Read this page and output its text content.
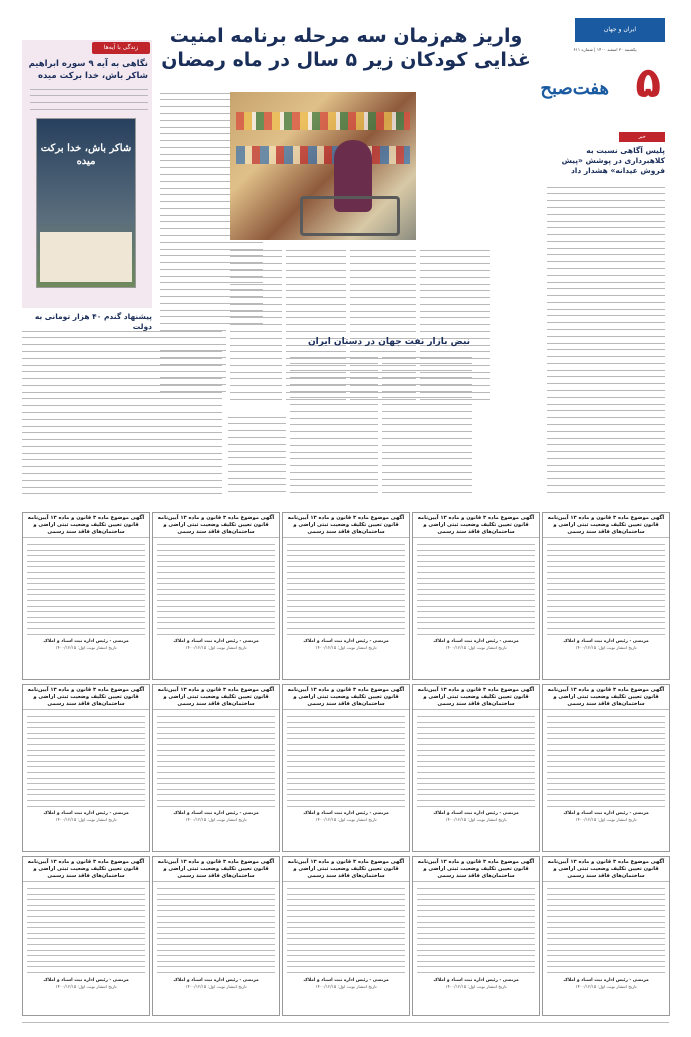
ایران و جهان
یکشنبه ۳۰ اسفند ۱۴۰۰ | شماره ۶۱۱
۵
هفت‌صبح
واریز هم‌زمان سه مرحله برنامه امنیت غذایی کودکان زیر ۵ سال در ماه رمضان
زندگی با آیه‌ها
نگاهی به آیه ۹ سوره ابراهیم شاکر باش، خدا برکت میده
شاکر باش، خدا برکت میده
پیشنهاد گندم ۴۰ هزار تومانی به دولت
نبض بازار نفت جهان در دستان ایران
خبر
پلیس آگاهی نسبت به کلاهبرداری در پوشش «پیش فروش عیدانه» هشدار داد
آگهی موضوع ماده ۳ قانون و ماده ۱۳ آیین‌نامه قانون تعیین تکلیف وضعیت ثبتی اراضی و ساختمان‌های فاقد سند رسمی
مرتضی - رئیس اداره ثبت اسناد و املاک
تاریخ انتشار نوبت اول: ۱۴۰۰/۱۲/۱۵
آگهی موضوع ماده ۳ قانون و ماده ۱۳ آیین‌نامه قانون تعیین تکلیف وضعیت ثبتی اراضی و ساختمان‌های فاقد سند رسمی
مرتضی - رئیس اداره ثبت اسناد و املاک
تاریخ انتشار نوبت اول: ۱۴۰۰/۱۲/۱۵
آگهی موضوع ماده ۳ قانون و ماده ۱۳ آیین‌نامه قانون تعیین تکلیف وضعیت ثبتی اراضی و ساختمان‌های فاقد سند رسمی
مرتضی - رئیس اداره ثبت اسناد و املاک
تاریخ انتشار نوبت اول: ۱۴۰۰/۱۲/۱۵
آگهی موضوع ماده ۳ قانون و ماده ۱۳ آیین‌نامه قانون تعیین تکلیف وضعیت ثبتی اراضی و ساختمان‌های فاقد سند رسمی
مرتضی - رئیس اداره ثبت اسناد و املاک
تاریخ انتشار نوبت اول: ۱۴۰۰/۱۲/۱۵
آگهی موضوع ماده ۳ قانون و ماده ۱۳ آیین‌نامه قانون تعیین تکلیف وضعیت ثبتی اراضی و ساختمان‌های فاقد سند رسمی
مرتضی - رئیس اداره ثبت اسناد و املاک
تاریخ انتشار نوبت اول: ۱۴۰۰/۱۲/۱۵
آگهی موضوع ماده ۳ قانون و ماده ۱۳ آیین‌نامه قانون تعیین تکلیف وضعیت ثبتی اراضی و ساختمان‌های فاقد سند رسمی
مرتضی - رئیس اداره ثبت اسناد و املاک
تاریخ انتشار نوبت اول: ۱۴۰۰/۱۲/۱۵
آگهی موضوع ماده ۳ قانون و ماده ۱۳ آیین‌نامه قانون تعیین تکلیف وضعیت ثبتی اراضی و ساختمان‌های فاقد سند رسمی
مرتضی - رئیس اداره ثبت اسناد و املاک
تاریخ انتشار نوبت اول: ۱۴۰۰/۱۲/۱۵
آگهی موضوع ماده ۳ قانون و ماده ۱۳ آیین‌نامه قانون تعیین تکلیف وضعیت ثبتی اراضی و ساختمان‌های فاقد سند رسمی
مرتضی - رئیس اداره ثبت اسناد و املاک
تاریخ انتشار نوبت اول: ۱۴۰۰/۱۲/۱۵
آگهی موضوع ماده ۳ قانون و ماده ۱۳ آیین‌نامه قانون تعیین تکلیف وضعیت ثبتی اراضی و ساختمان‌های فاقد سند رسمی
مرتضی - رئیس اداره ثبت اسناد و املاک
تاریخ انتشار نوبت اول: ۱۴۰۰/۱۲/۱۵
آگهی موضوع ماده ۳ قانون و ماده ۱۳ آیین‌نامه قانون تعیین تکلیف وضعیت ثبتی اراضی و ساختمان‌های فاقد سند رسمی
مرتضی - رئیس اداره ثبت اسناد و املاک
تاریخ انتشار نوبت اول: ۱۴۰۰/۱۲/۱۵
آگهی موضوع ماده ۳ قانون و ماده ۱۳ آیین‌نامه قانون تعیین تکلیف وضعیت ثبتی اراضی و ساختمان‌های فاقد سند رسمی
مرتضی - رئیس اداره ثبت اسناد و املاک
تاریخ انتشار نوبت اول: ۱۴۰۰/۱۲/۱۵
آگهی موضوع ماده ۳ قانون و ماده ۱۳ آیین‌نامه قانون تعیین تکلیف وضعیت ثبتی اراضی و ساختمان‌های فاقد سند رسمی
مرتضی - رئیس اداره ثبت اسناد و املاک
تاریخ انتشار نوبت اول: ۱۴۰۰/۱۲/۱۵
آگهی موضوع ماده ۳ قانون و ماده ۱۳ آیین‌نامه قانون تعیین تکلیف وضعیت ثبتی اراضی و ساختمان‌های فاقد سند رسمی
مرتضی - رئیس اداره ثبت اسناد و املاک
تاریخ انتشار نوبت اول: ۱۴۰۰/۱۲/۱۵
آگهی موضوع ماده ۳ قانون و ماده ۱۳ آیین‌نامه قانون تعیین تکلیف وضعیت ثبتی اراضی و ساختمان‌های فاقد سند رسمی
مرتضی - رئیس اداره ثبت اسناد و املاک
تاریخ انتشار نوبت اول: ۱۴۰۰/۱۲/۱۵
آگهی موضوع ماده ۳ قانون و ماده ۱۳ آیین‌نامه قانون تعیین تکلیف وضعیت ثبتی اراضی و ساختمان‌های فاقد سند رسمی
مرتضی - رئیس اداره ثبت اسناد و املاک
تاریخ انتشار نوبت اول: ۱۴۰۰/۱۲/۱۵
